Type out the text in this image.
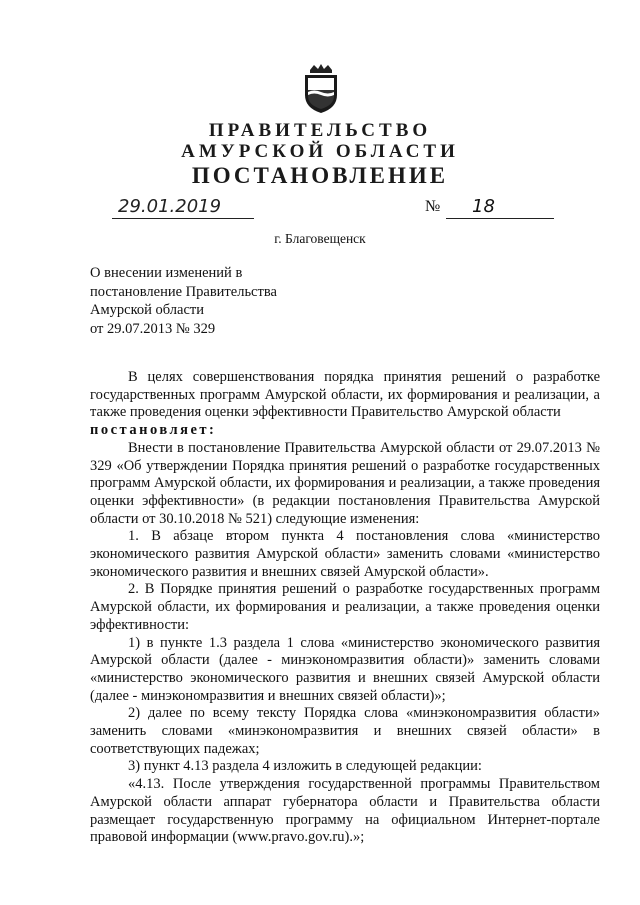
ПРАВИТЕЛЬСТВО
АМУРСКОЙ ОБЛАСТИ
ПОСТАНОВЛЕНИЕ
29.01.2019	№	18
г. Благовещенск
О внесении изменений в
постановление Правительства
Амурской области
от 29.07.2013 № 329

В целях совершенствования порядка принятия решений о разработке государственных программ Амурской области, их формирования и реализации, а также проведения оценки эффективности Правительство Амурской области

постановляет:

Внести в постановление Правительства Амурской области от 29.07.2013 № 329 «Об утверждении Порядка принятия решений о разработке государственных программ Амурской области, их формирования и реализации, а также проведения оценки эффективности» (в редакции постановления Правительства Амурской области от 30.10.2018 № 521) следующие изменения:

1. В абзаце втором пункта 4 постановления слова «министерство экономического развития Амурской области» заменить словами «министерство экономического развития и внешних связей Амурской области».

2. В Порядке принятия решений о разработке государственных программ Амурской области, их формирования и реализации, а также проведения оценки эффективности:

1) в пункте 1.3 раздела 1 слова «министерство экономического развития Амурской области (далее - минэкономразвития области)» заменить словами «министерство экономического развития и внешних связей Амурской области (далее - минэкономразвития и внешних связей области)»;

2) далее по всему тексту Порядка слова «минэкономразвития области» заменить словами «минэкономразвития и внешних связей области» в соответствующих падежах;

3) пункт 4.13 раздела 4 изложить в следующей редакции:

«4.13. После утверждения государственной программы Правительством Амурской области аппарат губернатора области и Правительства области размещает государственную программу на официальном Интернет-портале правовой информации (www.pravo.gov.ru).»;
